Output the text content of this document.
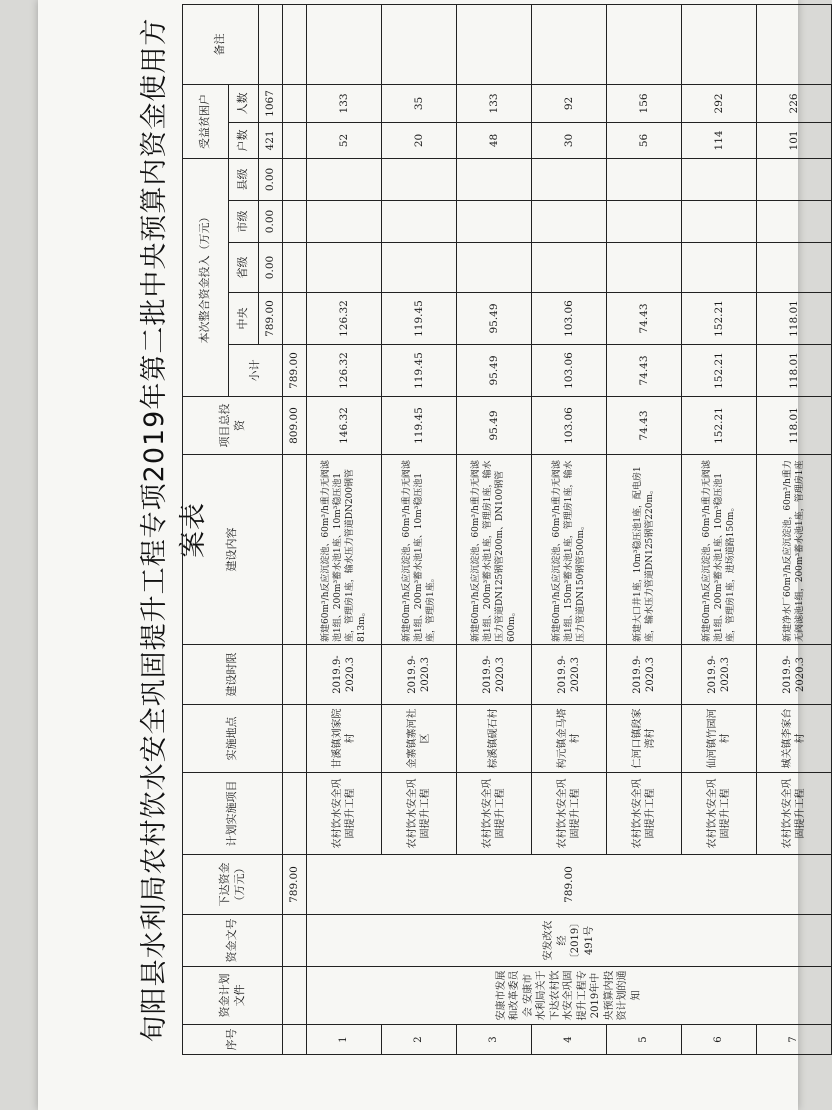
旬阳县水利局农村饮水安全巩固提升工程专项2019年第二批中央预算内资金使用方案表
序号	资金计划文件	资金文号	下达资金（万元）	计划实施项目	实施地点	建设时限	建设内容	项目总投资	本次整合资金投入（万元）					受益贫困户		备注
									小计	中央	省级	市级	县级	户数	人数	
										789.00	0.00	0.00	0.00	421	1067	
			789.00					809.00	789.00							
1	安康市发展和改革委员会 安康市水利局关于下达农村饮水安全巩固提升工程专2019年中央预算内投资计划的通知	安发改农经〔2019〕491号	789.00	农村饮水安全巩固提升工程	甘溪镇刘家院村	2019.9-2020.3	新建60m³/h反应沉淀池、60m³/h重力无阀滤池1组、200m³蓄水池1座、10m³稳压池1座，管理房1座，输水压力管道DN200钢管813m。	146.32	126.32	126.32				52	133	
2				农村饮水安全巩固提升工程	金寨镇寨河社区	2019.9-2020.3	新建60m³/h反应沉淀池、60m³/h重力无阀滤池1组、200m³蓄水池1座、10m³稳压池1座，管理房1座。	119.45	119.45	119.45				20	35	
3				农村饮水安全巩固提升工程	棕溪镇砚石村	2019.9-2020.3	新建60m³/h反应沉淀池、60m³/h重力无阀滤池1组、200m³蓄水池1座，管理房1座，输水压力管道DN125钢管200m、DN100钢管600m。	95.49	95.49	95.49				48	133	
4				农村饮水安全巩固提升工程	构元镇金马塔村	2019.9-2020.3	新建60m³/h反应沉淀池、60m³/h重力无阀滤池1组、150m³蓄水池1座，管理房1座，输水压力管道DN150钢管500m。	103.06	103.06	103.06				30	92	
5				农村饮水安全巩固提升工程	仁河口镇段家湾村	2019.9-2020.3	新建大口井1座，10m³稳压池1座，配电房1座，输水压力管道DN125钢管220m。	74.43	74.43	74.43				56	156	
6				农村饮水安全巩固提升工程	仙河镇竹园河村	2019.9-2020.3	新建60m³/h反应沉淀池、60m³/h重力无阀滤池1组、200m³蓄水池1座、10m³稳压池1座，管理房1座，进场道路150m。	152.21	152.21	152.21				114	292	
7				农村饮水安全巩固提升工程	城关镇李家台村	2019.9-2020.3	新建净水厂60m³/h反应沉淀池，60m³/h重力无阀滤池1组，200m³蓄水池1座，管理房1座	118.01	118.01	118.01				101	226	
